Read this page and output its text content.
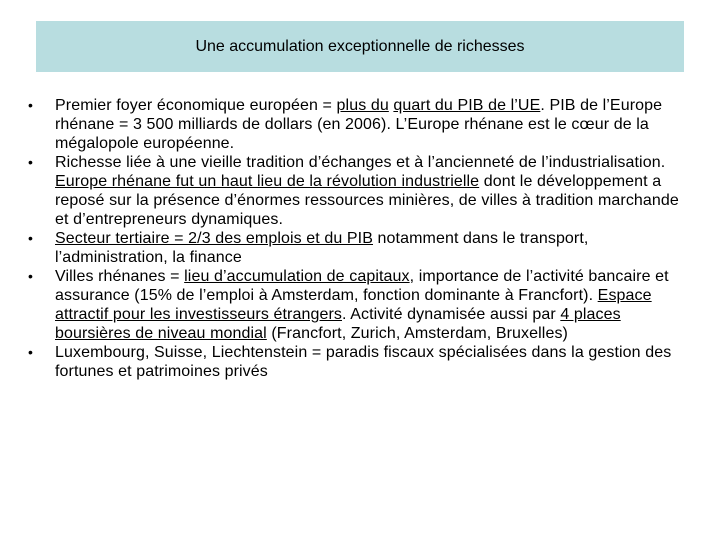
Une accumulation exceptionnelle de richesses
•	Premier foyer économique européen = plus du quart du PIB de l’UE. PIB de l’Europe rhénane = 3 500 milliards de dollars (en 2006). L’Europe rhénane est le cœur de la mégalopole européenne.
•	Richesse liée à une vieille tradition d’échanges et à l’ancienneté de l’industrialisation. Europe rhénane fut un haut lieu de la révolution industrielle dont le développement a reposé sur la présence d’énormes ressources minières, de villes à tradition marchande et d’entrepreneurs dynamiques.
•	Secteur tertiaire = 2/3 des emplois et du PIB notamment dans le transport, l’administration, la finance
•	Villes rhénanes = lieu d’accumulation de capitaux, importance de l’activité bancaire et assurance (15% de l’emploi à Amsterdam, fonction dominante à Francfort). Espace attractif pour les investisseurs étrangers. Activité dynamisée aussi par 4 places boursières de niveau mondial (Francfort, Zurich, Amsterdam, Bruxelles)
•	Luxembourg, Suisse, Liechtenstein = paradis fiscaux spécialisées dans la gestion des fortunes et patrimoines privés
